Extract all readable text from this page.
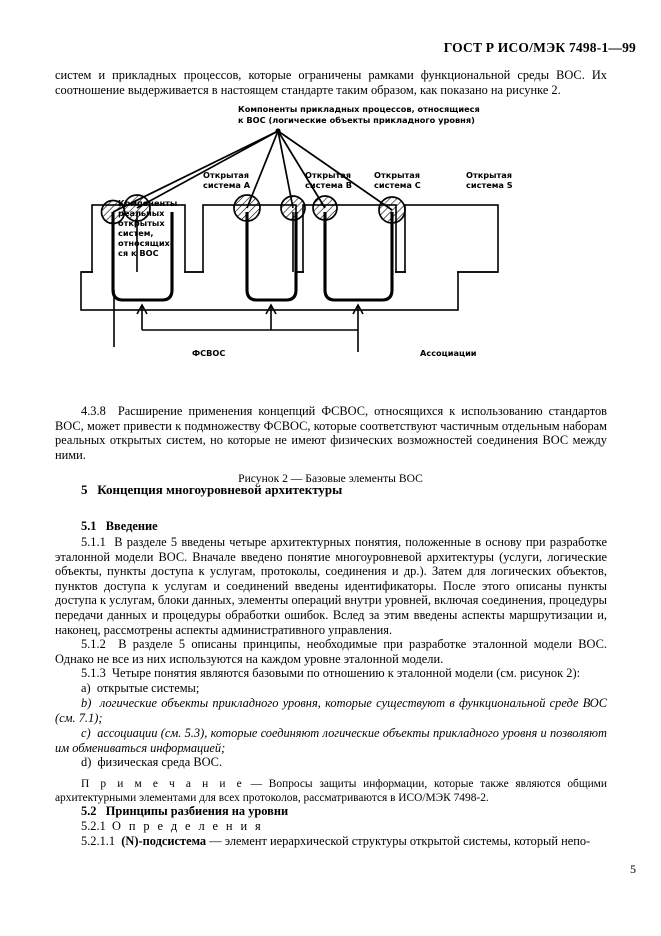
ГОСТ Р ИСО/МЭК 7498-1—99

систем и прикладных процессов, которые ограничены рамками функциональной среды ВОС. Их соотношение выдерживается в настоящем стандарте таким образом, как показано на рисунке 2.

Компоненты прикладных процессов, относящиеся
к ВОС (логические объекты прикладного уровня)
Компоненты
реальных
открытых
систем,
относящих-
ся к ВОС
Открытая
система A
Открытая
система B
Открытая
система C
Открытая
система S
ФСВОС	Ассоциации
Рисунок 2 — Базовые элементы ВОС

4.3.8 Расширение применения концепций ФСВОС, относящихся к использованию стандартов ВОС, может привести к подмножеству ФСВОС, которые соответствуют частичным отдельным наборам реальных открытых систем, но которые не имеют физических возможностей соединения ВОС между ними.

5 Концепция многоуровневой архитектуры
5.1 Введение

5.1.1 В разделе 5 введены четыре архитектурных понятия, положенные в основу при разработке эталонной модели ВОС. Вначале введено понятие многоуровневой архитектуры (услуги, логические объекты, пункты доступа к услугам, протоколы, соединения и др.). Затем для логических объектов, пунктов доступа к услугам и соединений введены идентификаторы. После этого описаны пункты доступа к услугам, блоки данных, элементы операций внутри уровней, включая соединения, процедуры передачи данных и процедуры обработки ошибок. Вслед за этим введены аспекты маршрутизации и, наконец, рассмотрены аспекты административного управления.

5.1.2 В разделе 5 описаны принципы, необходимые при разработке эталонной модели ВОС. Однако не все из них используются на каждом уровне эталонной модели.

5.1.3 Четыре понятия являются базовыми по отношению к эталонной модели (см. рисунок 2):

a) открытые системы;

b) логические объекты прикладного уровня, которые существуют в функциональной среде ВОС (см. 7.1);

c) ассоциации (см. 5.3), которые соединяют логические объекты прикладного уровня и позволяют им обмениваться информацией;

d) физическая среда ВОС.

П р и м е ч а н и е — Вопросы защиты информации, которые также являются общими архитектурными элементами для всех протоколов, рассматриваются в ИСО/МЭК 7498-2.

5.2 Принципы разбиения на уровни

5.2.1 О п р е д е л е н и я

5.2.1.1 (N)-подсистема — элемент иерархической структуры открытой системы, который непо-

5
